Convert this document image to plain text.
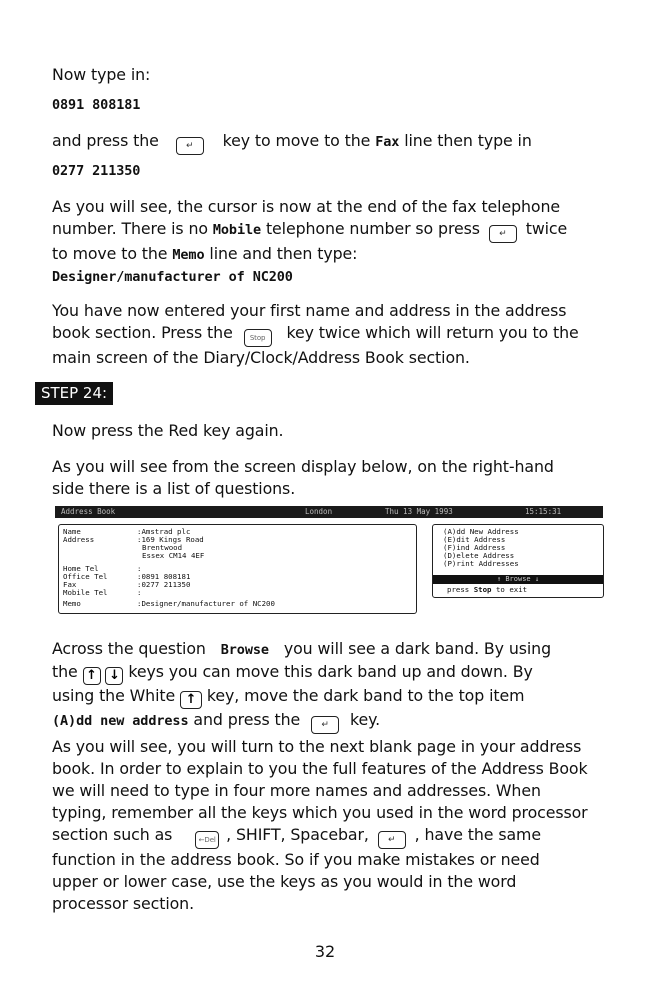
Now type in:
0891 808181
and press the	↵ key to move to the Fax line then type in
0277 211350
As you will see, the cursor is now at the end of the fax telephone
number. There is no Mobile telephone number so press ↵ twice
to move to the Memo line and then type:
Designer/manufacturer of NC200
You have now entered your first name and address in the address
book section. Press the Stop key twice which will return you to the
main screen of the Diary/Clock/Address Book section.
STEP 24:
Now press the Red key again.
As you will see from the screen display below, on the right-hand
side there is a list of questions.
Address Book	London	Thu 13 May 1993	15:15:31
Name	:Amstrad plc
Address	:169 Kings Road
Brentwood
Essex CM14 4EF
Home Tel	:
Office Tel	:0891 808181
Fax	:0277 211350
Mobile Tel	:
Memo	:Designer/manufacturer of NC200
(A)dd New Address
(E)dit Address
(F)ind Address
(D)elete Address
(P)rint Addresses
↑ Browse ↓
press Stop to exit
Across the question Browse you will see a dark band. By using
the ↑ ↓ keys you can move this dark band up and down. By
using the White ↑ key, move the dark band to the top item
(A)dd new address and press the ↵ key.
As you will see, you will turn to the next blank page in your address
book. In order to explain to you the full features of the Address Book
we will need to type in four more names and addresses. When
typing, remember all the keys which you used in the word processor
section such as	←Del , SHIFT, Spacebar, ↵ , have the same
function in the address book. So if you make mistakes or need
upper or lower case, use the keys as you would in the word
processor section.
32
